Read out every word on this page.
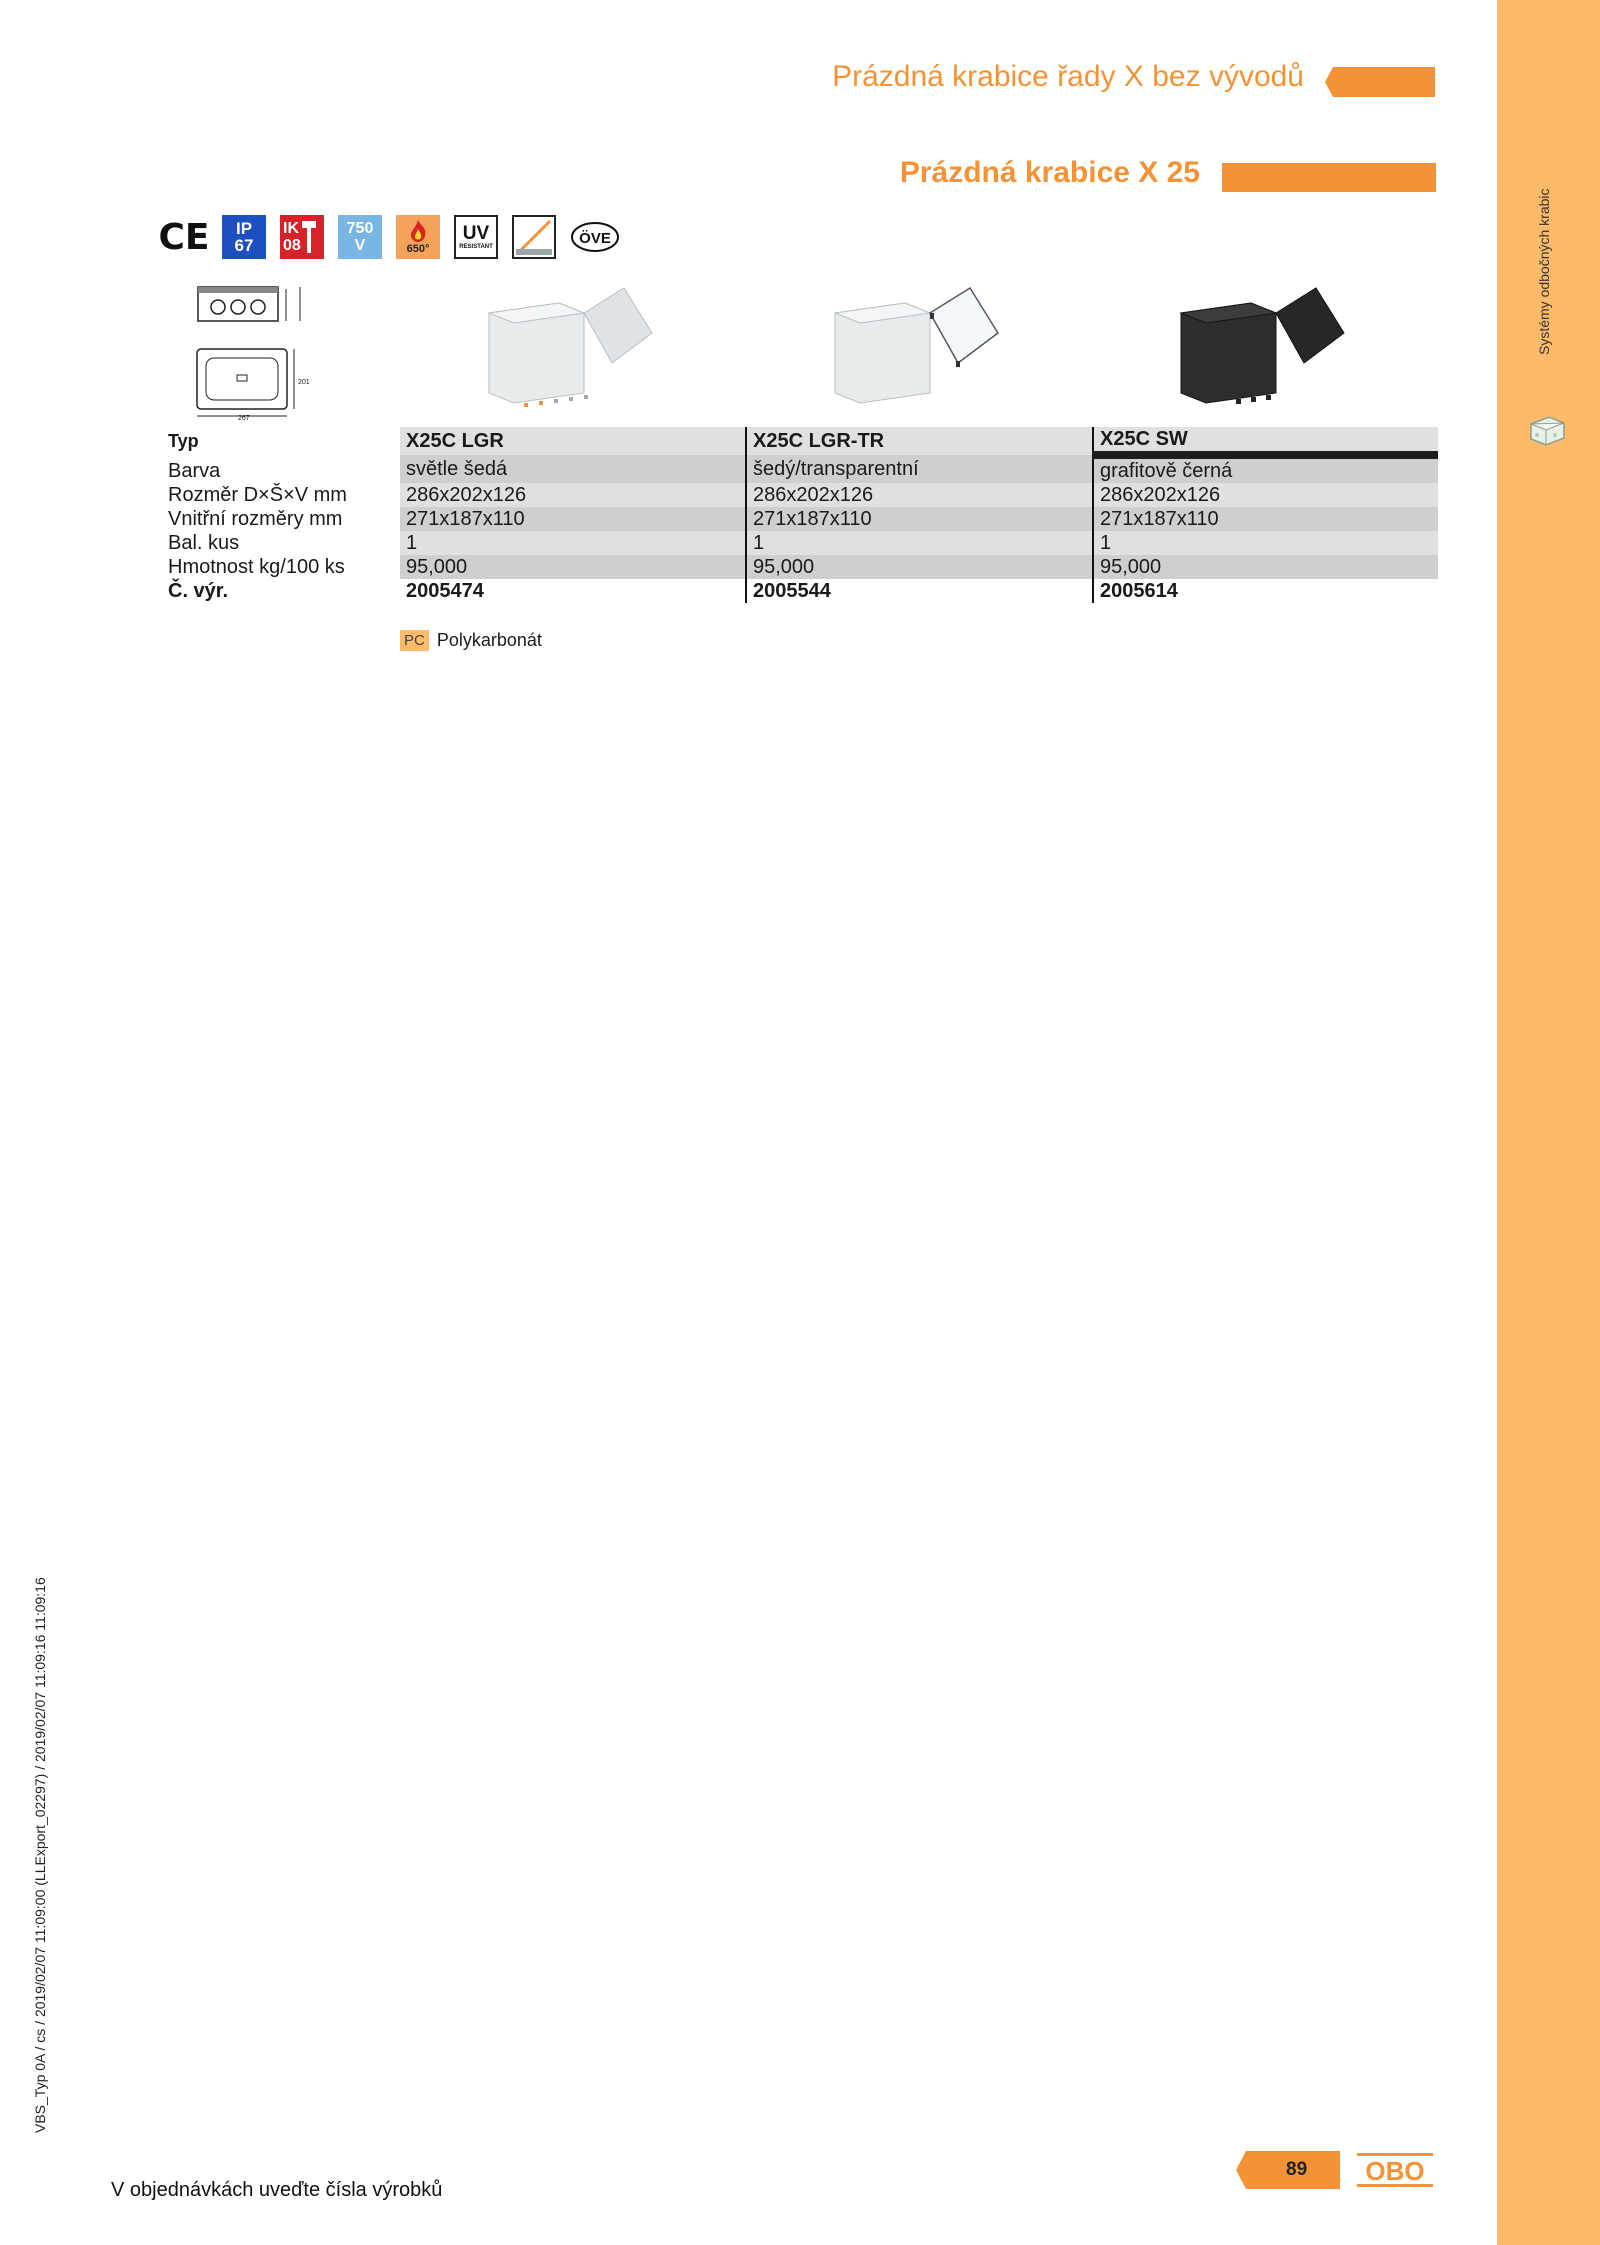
Systémy odbočných krabic
Prázdná krabice řady X bez vývodů
Prázdná krabice X 25
CE IP
67
IK
08
750
V	650°
UV
RESISTANT	ÖVE
267
201
Typ	X25C LGR	X25C LGR-TR	X25C SW
Barva	světle šedá	šedý/transparentní	grafitově černá
Rozměr D×Š×V mm	286x202x126	286x202x126	286x202x126
Vnitřní rozměry mm	271x187x110	271x187x110	271x187x110
Bal. kus	1	1	1
Hmotnost kg/100 ks	95,000	95,000	95,000
Č. výr.	2005474	2005544	2005614
PC Polykarbonát
VBS_Typ 0A / cs / 2019/02/07 11:09:00 (LLExport_02297) / 2019/02/07 11:09:16 11:09:16
V objednávkách uveďte čísla výrobků
89 OBO
